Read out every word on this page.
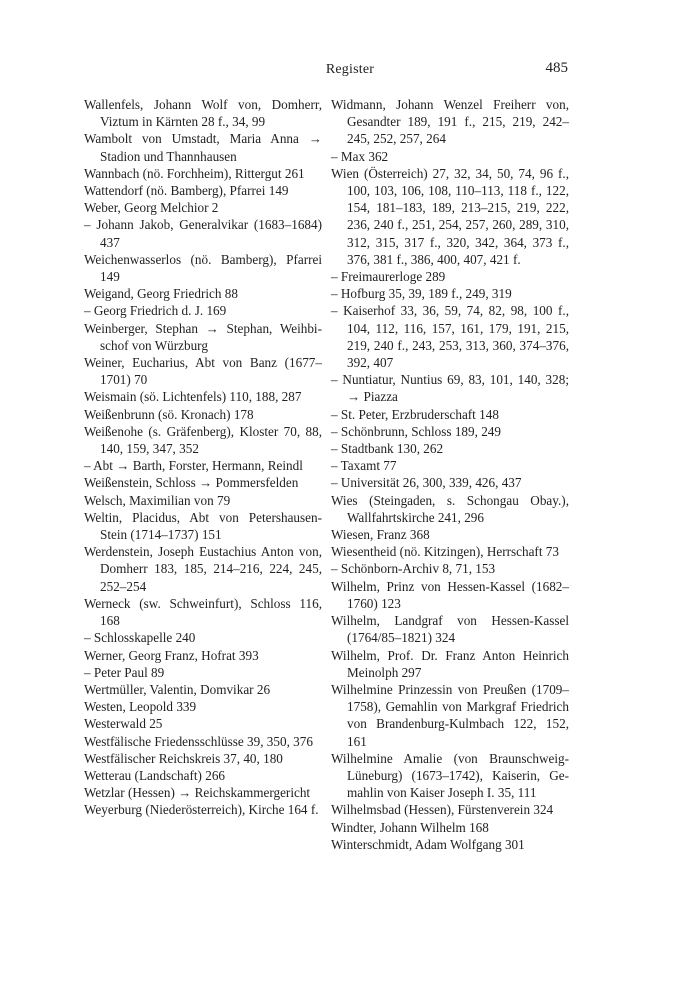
Register	485
Wallenfels, Johann Wolf von, Domherr, Viztum in Kärnten 28 f., 34, 99
Wambolt von Umstadt, Maria Anna → Stadion und Thannhausen
Wannbach (nö. Forchheim), Rittergut 261
Wattendorf (nö. Bamberg), Pfarrei 149
Weber, Georg Melchior 2
– Johann Jakob, Generalvikar (1683–1684) 437
Weichenwasserlos (nö. Bamberg), Pfarrei 149
Weigand, Georg Friedrich 88
– Georg Friedrich d. J. 169
Weinberger, Stephan → Stephan, Weihbischof von Würzburg
Weiner, Eucharius, Abt von Banz (1677–1701) 70
Weismain (sö. Lichtenfels) 110, 188, 287
Weißenbrunn (sö. Kronach) 178
Weißenohe (s. Gräfenberg), Kloster 70, 88, 140, 159, 347, 352
– Abt → Barth, Forster, Hermann, Reindl
Weißenstein, Schloss → Pommersfelden
Welsch, Maximilian von 79
Weltin, Placidus, Abt von Petershausen-Stein (1714–1737) 151
Werdenstein, Joseph Eustachius Anton von, Domherr 183, 185, 214–216, 224, 245, 252–254
Werneck (sw. Schweinfurt), Schloss 116, 168
– Schlosskapelle 240
Werner, Georg Franz, Hofrat 393
– Peter Paul 89
Wertmüller, Valentin, Domvikar 26
Westen, Leopold 339
Westerwald 25
Westfälische Friedensschlüsse 39, 350, 376
Westfälischer Reichskreis 37, 40, 180
Wetterau (Landschaft) 266
Wetzlar (Hessen) → Reichskammergericht
Weyerburg (Niederösterreich), Kirche 164 f.
Widmann, Johann Wenzel Freiherr von, Gesandter 189, 191 f., 215, 219, 242–245, 252, 257, 264
– Max 362
Wien (Österreich) 27, 32, 34, 50, 74, 96 f., 100, 103, 106, 108, 110–113, 118 f., 122, 154, 181–183, 189, 213–215, 219, 222, 236, 240 f., 251, 254, 257, 260, 289, 310, 312, 315, 317 f., 320, 342, 364, 373 f., 376, 381 f., 386, 400, 407, 421 f.
– Freimaurerloge 289
– Hofburg 35, 39, 189 f., 249, 319
– Kaiserhof 33, 36, 59, 74, 82, 98, 100 f., 104, 112, 116, 157, 161, 179, 191, 215, 219, 240 f., 243, 253, 313, 360, 374–376, 392, 407
– Nuntiatur, Nuntius 69, 83, 101, 140, 328; → Piazza
– St. Peter, Erzbruderschaft 148
– Schönbrunn, Schloss 189, 249
– Stadtbank 130, 262
– Taxamt 77
– Universität 26, 300, 339, 426, 437
Wies (Steingaden, s. Schongau Obay.), Wallfahrtskirche 241, 296
Wiesen, Franz 368
Wiesentheid (nö. Kitzingen), Herrschaft 73
– Schönborn-Archiv 8, 71, 153
Wilhelm, Prinz von Hessen-Kassel (1682–1760) 123
Wilhelm, Landgraf von Hessen-Kassel (1764/85–1821) 324
Wilhelm, Prof. Dr. Franz Anton Heinrich Meinolph 297
Wilhelmine Prinzessin von Preußen (1709–1758), Gemahlin von Markgraf Friedrich von Brandenburg-Kulmbach 122, 152, 161
Wilhelmine Amalie (von Braunschweig-Lüneburg) (1673–1742), Kaiserin, Gemahlin von Kaiser Joseph I. 35, 111
Wilhelmsbad (Hessen), Fürstenverein 324
Windter, Johann Wilhelm 168
Winterschmidt, Adam Wolfgang 301
